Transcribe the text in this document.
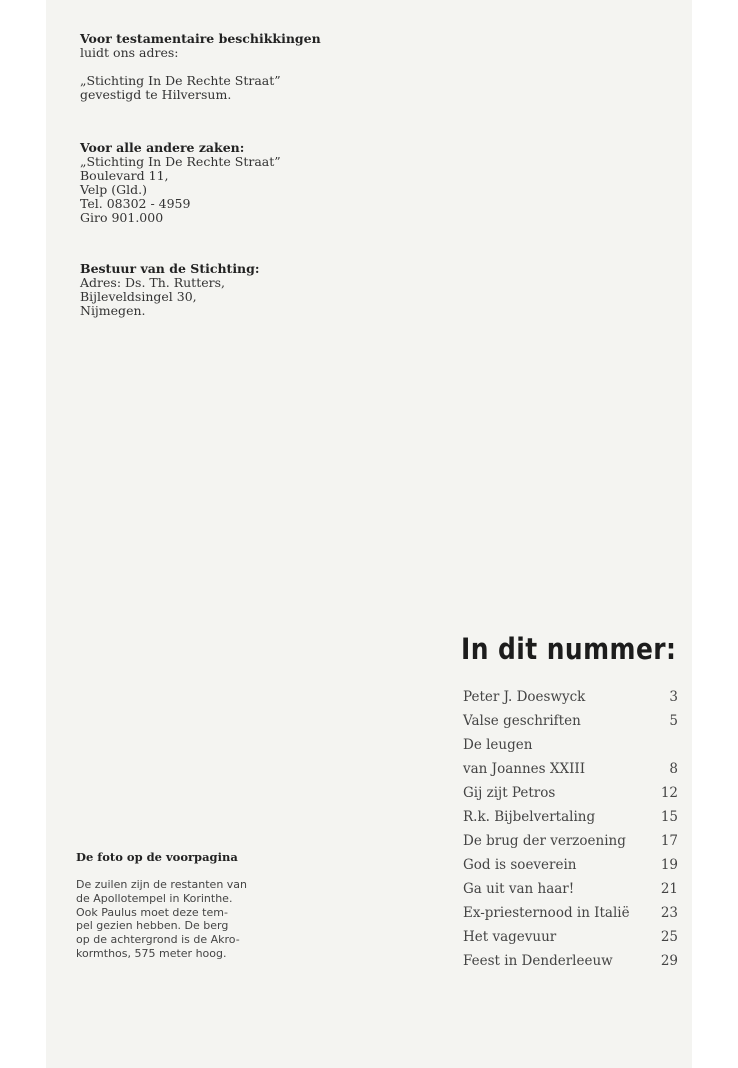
Voor testamentaire beschikkingen
luidt ons adres:
„Stichting In De Rechte Straat”
gevestigd te Hilversum.
Voor alle andere zaken:
„Stichting In De Rechte Straat”
Boulevard 11,
Velp (Gld.)
Tel. 08302 - 4959
Giro 901.000
Bestuur van de Stichting:
Adres: Ds. Th. Rutters,
Bijleveldsingel 30,
Nijmegen.
In dit nummer:
Peter J. Doeswyck	3
Valse geschriften	5
De leugen
van Joannes XXIII	8
Gij zijt Petros	12
R.k. Bijbelvertaling	15
De brug der verzoening	17
God is soeverein	19
Ga uit van haar!	21
Ex-priesternood in Italië 23
Het vagevuur	25
Feest in Denderleeuw	29
De foto op de voorpagina
De zuilen zijn de restanten van
de Apollotempel in Korinthe.
Ook Paulus moet deze tem-
pel gezien hebben. De berg
op de achtergrond is de Akro-
kormthos, 575 meter hoog.
